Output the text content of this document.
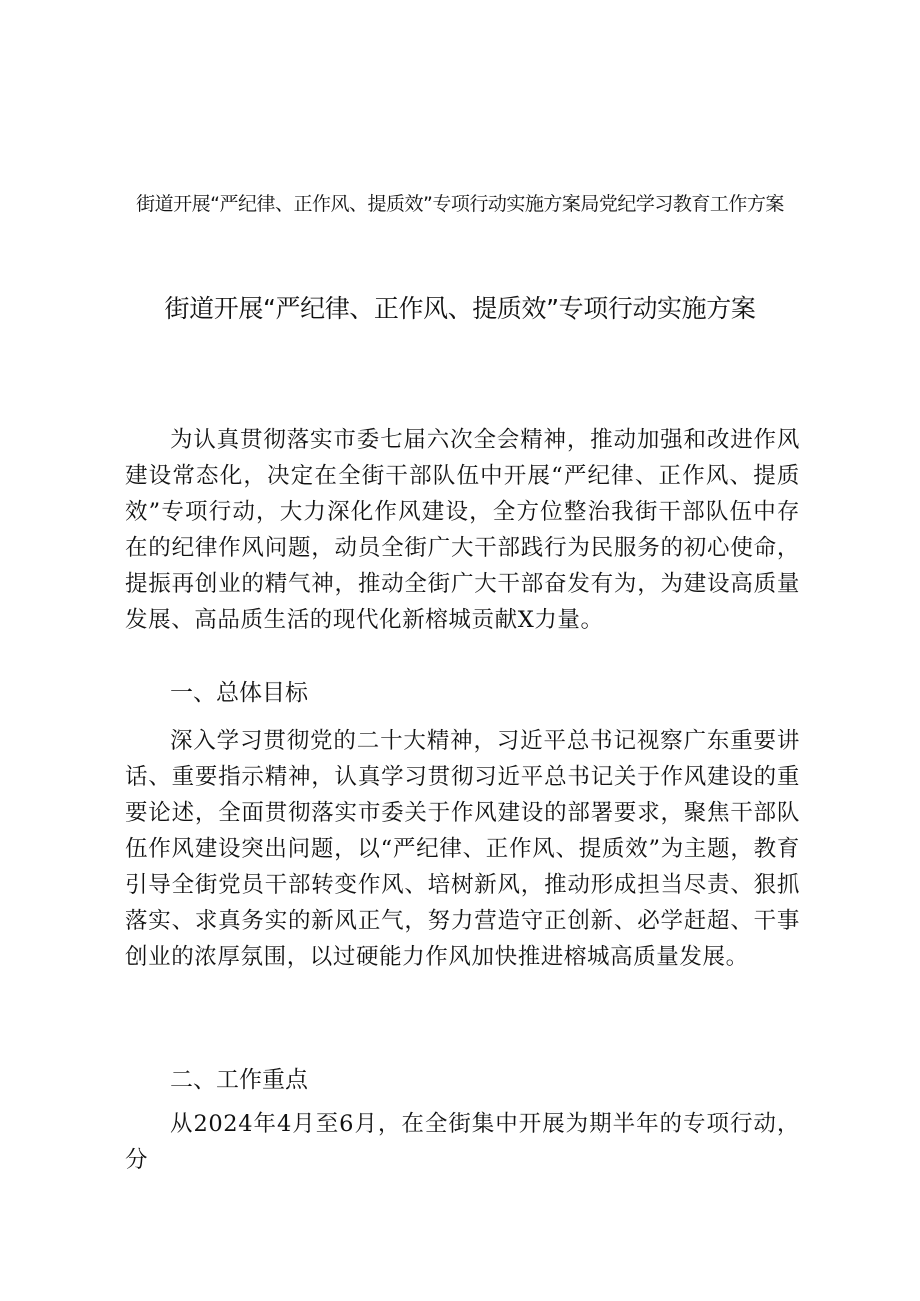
街道开展“严纪律、正作风、提质效”专项行动实施方案局党纪学习教育工作方案
街道开展“严纪律、正作风、提质效”专项行动实施方案

为认真贯彻落实市委七届六次全会精神，推动加强和改进作风建设常态化，决定在全街干部队伍中开展“严纪律、正作风、提质效”专项行动，大力深化作风建设，全方位整治我街干部队伍中存在的纪律作风问题，动员全街广大干部践行为民服务的初心使命，提振再创业的精气神，推动全街广大干部奋发有为，为建设高质量发展、高品质生活的现代化新榕城贡献X力量。

一、总体目标

深入学习贯彻党的二十大精神，习近平总书记视察广东重要讲话、重要指示精神，认真学习贯彻习近平总书记关于作风建设的重要论述，全面贯彻落实市委关于作风建设的部署要求，聚焦干部队伍作风建设突出问题，以“严纪律、正作风、提质效”为主题，教育引导全街党员干部转变作风、培树新风，推动形成担当尽责、狠抓落实、求真务实的新风正气，努力营造守正创新、必学赶超、干事创业的浓厚氛围，以过硬能力作风加快推进榕城高质量发展。

二、工作重点

从2024年4月至6月，在全街集中开展为期半年的专项行动，分
